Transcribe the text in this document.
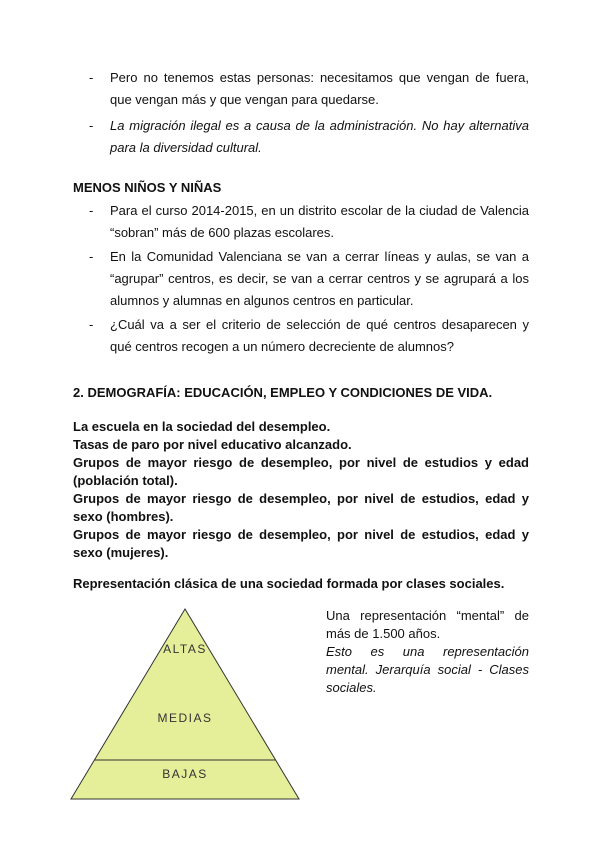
- Pero no tenemos estas personas: necesitamos que vengan de fuera, que vengan más y que vengan para quedarse.
- La migración ilegal es a causa de la administración. No hay alternativa para la diversidad cultural.
MENOS NIÑOS Y NIÑAS
- Para el curso 2014-2015, en un distrito escolar de la ciudad de Valencia “sobran” más de 600 plazas escolares.
- En la Comunidad Valenciana se van a cerrar líneas y aulas, se van a “agrupar” centros, es decir, se van a cerrar centros y se agrupará a los alumnos y alumnas en algunos centros en particular.
- ¿Cuál va a ser el criterio de selección de qué centros desaparecen y qué centros recogen a un número decreciente de alumnos?
2. DEMOGRAFÍA: EDUCACIÓN, EMPLEO Y CONDICIONES DE VIDA.

La escuela en la sociedad del desempleo.

Tasas de paro por nivel educativo alcanzado.

Grupos de mayor riesgo de desempleo, por nivel de estudios y edad (población total).

Grupos de mayor riesgo de desempleo, por nivel de estudios, edad y sexo (hombres).

Grupos de mayor riesgo de desempleo, por nivel de estudios, edad y sexo (mujeres).

Representación clásica de una sociedad formada por clases sociales.

Una representación “mental” de más de 1.500 años.

Esto es una representación mental. Jerarquía social - Clases sociales.

ALTAS
MEDIAS
BAJAS
